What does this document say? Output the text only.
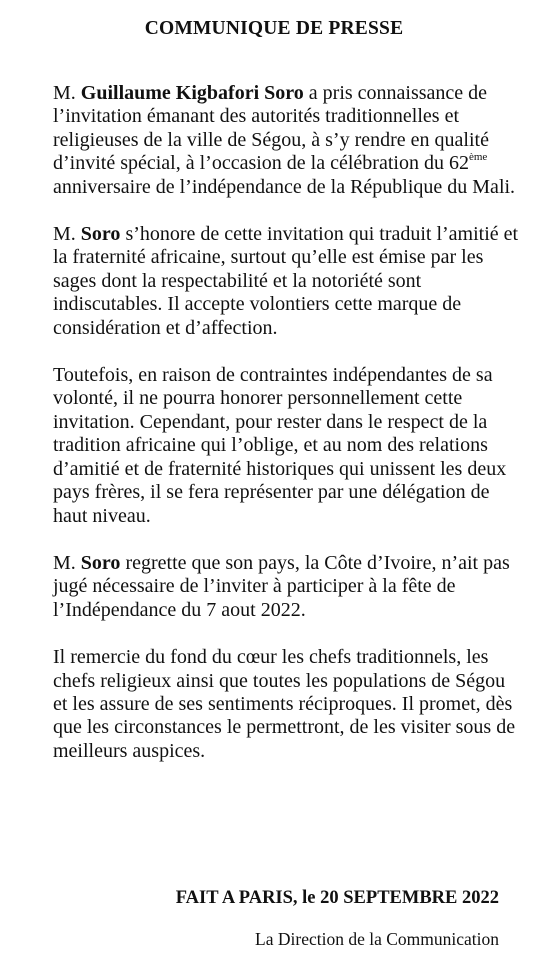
COMMUNIQUE DE PRESSE

M. Guillaume Kigbafori Soro a pris connaissance de l’invitation émanant des autorités traditionnelles et religieuses de la ville de Ségou, à s’y rendre en qualité d’invité spécial, à l’occasion de la célébration du 62ème anniversaire de l’indépendance de la République du Mali.

M. Soro s’honore de cette invitation qui traduit l’amitié et la fraternité africaine, surtout qu’elle est émise par les sages dont la respectabilité et la notoriété sont indiscutables. Il accepte volontiers cette marque de considération et d’affection.

Toutefois, en raison de contraintes indépendantes de sa volonté, il ne pourra honorer personnellement cette invitation. Cependant, pour rester dans le respect de la tradition africaine qui l’oblige, et au nom des relations d’amitié et de fraternité historiques qui unissent les deux pays frères, il se fera représenter par une délégation de haut niveau.

M. Soro regrette que son pays, la Côte d’Ivoire, n’ait pas jugé nécessaire de l’inviter à participer à la fête de l’Indépendance du 7 aout 2022.

Il remercie du fond du cœur les chefs traditionnels, les chefs religieux ainsi que toutes les populations de Ségou et les assure de ses sentiments réciproques. Il promet, dès que les circonstances le permettront, de les visiter sous de meilleurs auspices.

FAIT A PARIS, le 20 SEPTEMBRE 2022
La Direction de la Communication
